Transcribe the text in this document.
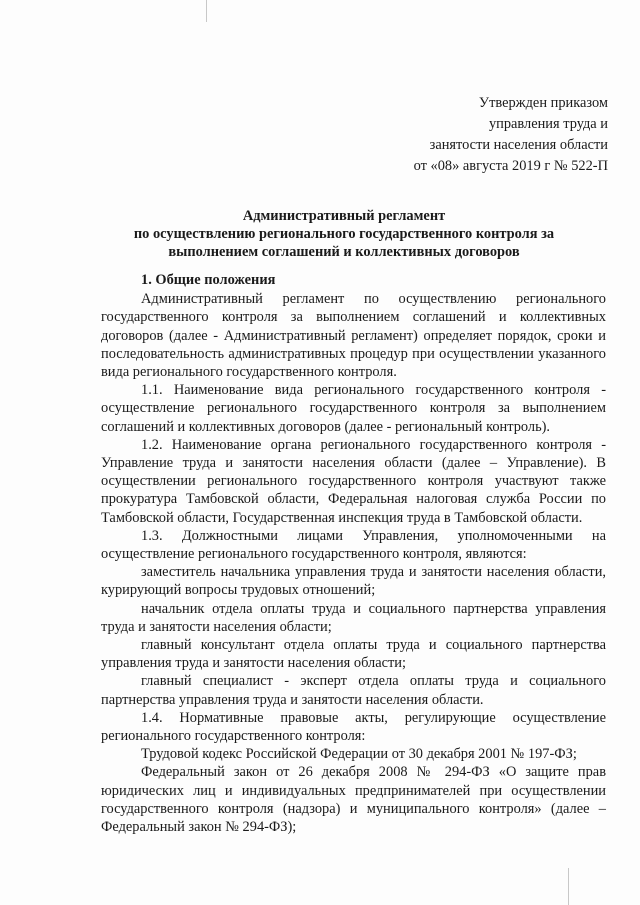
Утвержден приказом
управления труда и
занятости населения области
от «08» августа 2019 г № 522-П
Административный регламент
по осуществлению регионального государственного контроля за
выполнением соглашений и коллективных договоров

1. Общие положения

Административный регламент по осуществлению регионального государственного контроля за выполнением соглашений и коллективных договоров (далее - Административный регламент) определяет порядок, сроки и последовательность административных процедур при осуществлении указанного вида регионального государственного контроля.

1.1. Наименование вида регионального государственного контроля - осуществление регионального государственного контроля за выполнением соглашений и коллективных договоров (далее - региональный контроль).

1.2. Наименование органа регионального государственного контроля - Управление труда и занятости населения области (далее – Управление). В осуществлении регионального государственного контроля участвуют также прокуратура Тамбовской области, Федеральная налоговая служба России по Тамбовской области, Государственная инспекция труда в Тамбовской области.

1.3. Должностными лицами Управления, уполномоченными на осуществление регионального государственного контроля, являются:

заместитель начальника управления труда и занятости населения области, курирующий вопросы трудовых отношений;

начальник отдела оплаты труда и социального партнерства управления труда и занятости населения области;

главный консультант отдела оплаты труда и социального партнерства управления труда и занятости населения области;

главный специалист - эксперт отдела оплаты труда и социального партнерства управления труда и занятости населения области.

1.4. Нормативные правовые акты, регулирующие осуществление регионального государственного контроля:

Трудовой кодекс Российской Федерации от 30 декабря 2001 № 197-ФЗ;

Федеральный закон от 26 декабря 2008 № 294-ФЗ «О защите прав юридических лиц и индивидуальных предпринимателей при осуществлении государственного контроля (надзора) и муниципального контроля» (далее – Федеральный закон № 294-ФЗ);
